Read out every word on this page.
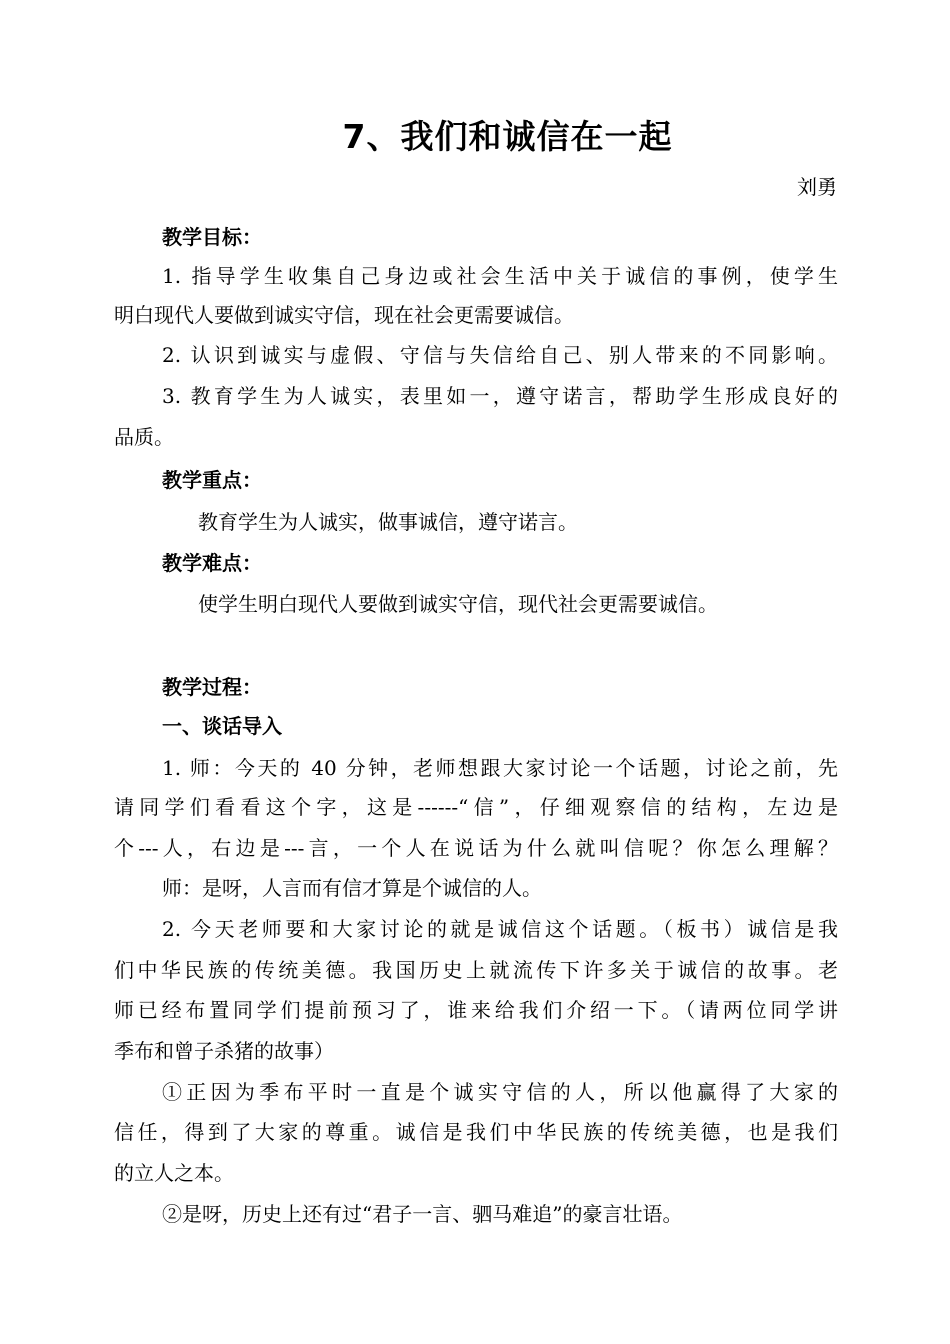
7、我们和诚信在一起
刘勇
教学目标：
1. 指导学生收集自己身边或社会生活中关于诚信的事例，使学生
明白现代人要做到诚实守信，现在社会更需要诚信。
2. 认识到诚实与虚假、守信与失信给自己、别人带来的不同影响。
3. 教育学生为人诚实，表里如一，遵守诺言，帮助学生形成良好的
品质。
教学重点：
教育学生为人诚实，做事诚信，遵守诺言。
教学难点：
使学生明白现代人要做到诚实守信，现代社会更需要诚信。
教学过程：
一、谈话导入
1. 师：今天的 40 分钟，老师想跟大家讨论一个话题，讨论之前，先
请同学们看看这个字，这是------“信”，仔细观察信的结构，左边是
个---人，右边是---言，一个人在说话为什么就叫信呢？你怎么理解？
师：是呀，人言而有信才算是个诚信的人。
2. 今天老师要和大家讨论的就是诚信这个话题。（板书）诚信是我
们中华民族的传统美德。我国历史上就流传下许多关于诚信的故事。老
师已经布置同学们提前预习了，谁来给我们介绍一下。（请两位同学讲
季布和曾子杀猪的故事）
①正因为季布平时一直是个诚实守信的人，所以他赢得了大家的
信任，得到了大家的尊重。诚信是我们中华民族的传统美德，也是我们
的立人之本。
②是呀，历史上还有过“君子一言、驷马难追”的豪言壮语。
